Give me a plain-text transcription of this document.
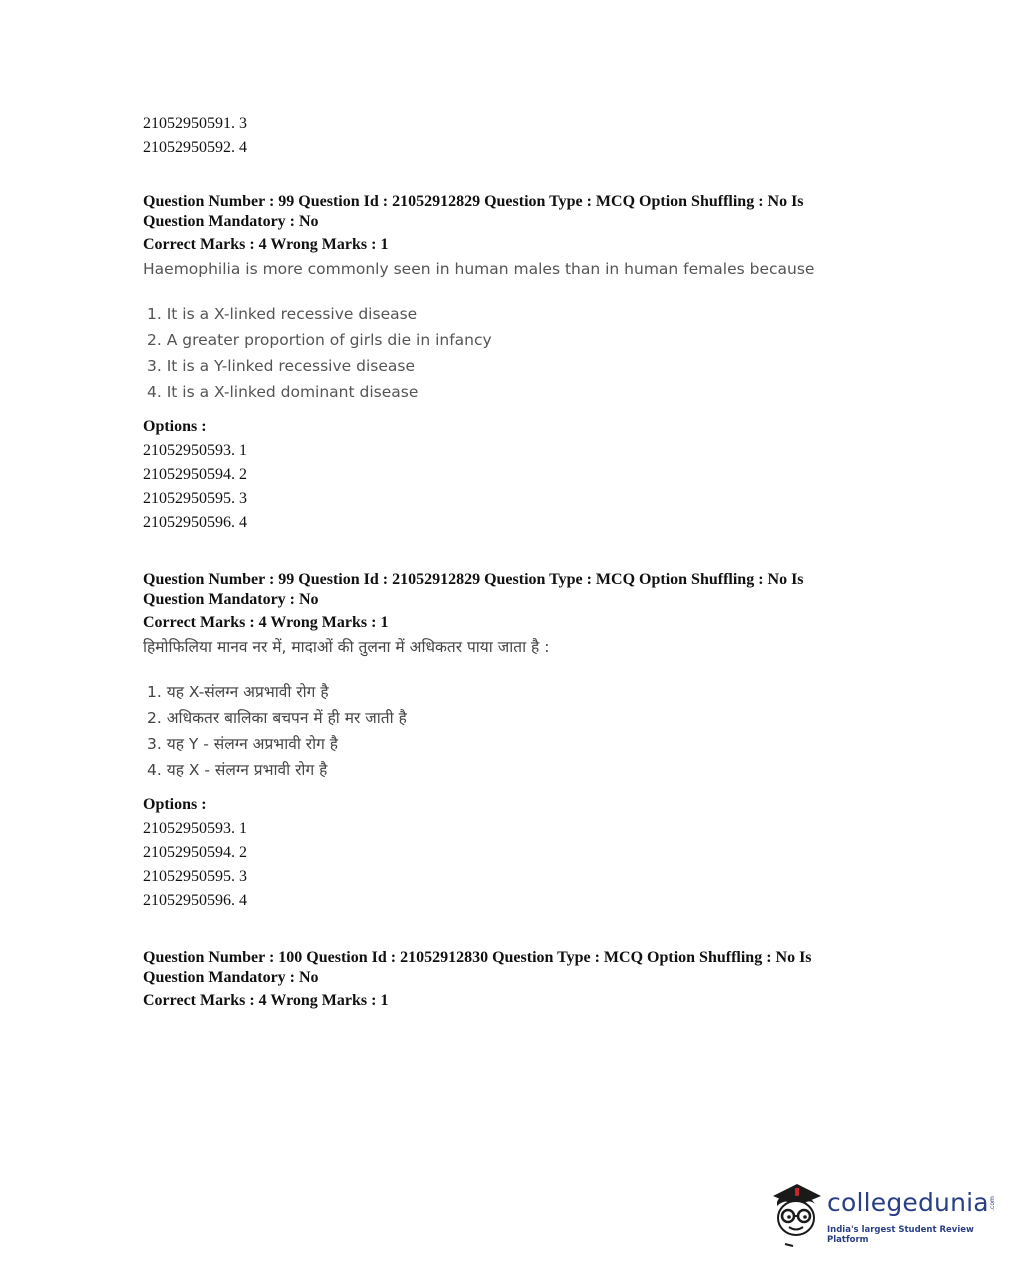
21052950591. 3
21052950592. 4
Question Number : 99 Question Id : 21052912829 Question Type : MCQ Option Shuffling : No Is
Question Mandatory : No
Correct Marks : 4 Wrong Marks : 1
Haemophilia is more commonly seen in human males than in human females because
1. It is a X-linked recessive disease
2. A greater proportion of girls die in infancy
3. It is a Y-linked recessive disease
4. It is a X-linked dominant disease
Options :
21052950593. 1
21052950594. 2
21052950595. 3
21052950596. 4
Question Number : 99 Question Id : 21052912829 Question Type : MCQ Option Shuffling : No Is
Question Mandatory : No
Correct Marks : 4 Wrong Marks : 1
हिमोफिलिया मानव नर में, मादाओं की तुलना में अधिकतर पाया जाता है :
1. यह X-संलग्न अप्रभावी रोग है
2. अधिकतर बालिका बचपन में ही मर जाती है
3. यह Y - संलग्न अप्रभावी रोग है
4. यह X - संलग्न प्रभावी रोग है
Options :
21052950593. 1
21052950594. 2
21052950595. 3
21052950596. 4
Question Number : 100 Question Id : 21052912830 Question Type : MCQ Option Shuffling : No Is
Question Mandatory : No
Correct Marks : 4 Wrong Marks : 1
collegedunia .com
India's largest Student Review Platform
